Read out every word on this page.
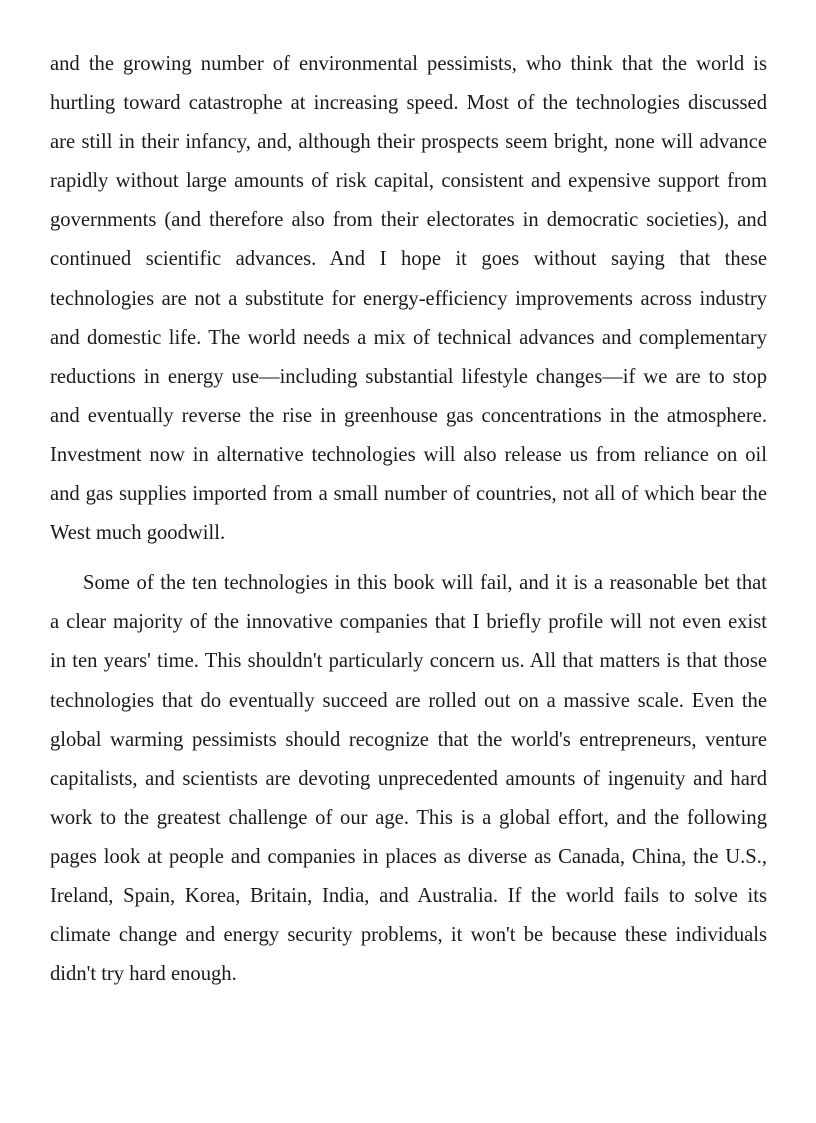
and the growing number of environmental pessimists, who think that the world is
hurtling toward catastrophe at increasing speed. Most of the technologies discussed
are still in their infancy, and, although their prospects seem bright, none will advance
rapidly without large amounts of risk capital, consistent and expensive support from
governments (and therefore also from their electorates in democratic societies), and
continued scientific advances. And I hope it goes without saying that these
technologies are not a substitute for energy-efficiency improvements across industry
and domestic life. The world needs a mix of technical advances and complementary
reductions in energy use—including substantial lifestyle changes—if we are to stop
and eventually reverse the rise in greenhouse gas concentrations in the atmosphere.
Investment now in alternative technologies will also release us from reliance on oil
and gas supplies imported from a small number of countries, not all of which bear the
West much goodwill.

Some of the ten technologies in this book will fail, and it is a reasonable bet that
a clear majority of the innovative companies that I briefly profile will not even exist
in ten years' time. This shouldn't particularly concern us. All that matters is that those
technologies that do eventually succeed are rolled out on a massive scale. Even the
global warming pessimists should recognize that the world's entrepreneurs, venture
capitalists, and scientists are devoting unprecedented amounts of ingenuity and hard
work to the greatest challenge of our age. This is a global effort, and the following
pages look at people and companies in places as diverse as Canada, China, the U.S.,
Ireland, Spain, Korea, Britain, India, and Australia. If the world fails to solve its
climate change and energy security problems, it won't be because these individuals
didn't try hard enough.
